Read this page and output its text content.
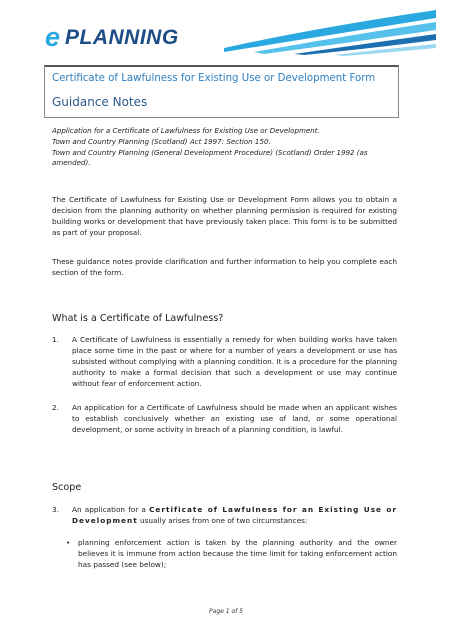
e PLANNING
Certificate of Lawfulness for Existing Use or Development Form
Guidance Notes
Application for a Certificate of Lawfulness for Existing Use or Development.
Town and Country Planning (Scotland) Act 1997: Section 150.
Town and Country Planning (General Development Procedure) (Scotland) Order 1992 (as amended).
The Certificate of Lawfulness for Existing Use or Development Form allows you to obtain a decision from the planning authority on whether planning permission is required for existing building works or development that have previously taken place. This form is to be submitted as part of your proposal.
These guidance notes provide clarification and further information to help you complete each section of the form.
What is a Certificate of Lawfulness?
1. A Certificate of Lawfulness is essentially a remedy for when building works have taken place some time in the past or where for a number of years a development or use has subsisted without complying with a planning condition. It is a procedure for the planning authority to make a formal decision that such a development or use may continue without fear of enforcement action.
2. An application for a Certificate of Lawfulness should be made when an applicant wishes to establish conclusively whether an existing use of land, or some operational development, or some activity in breach of a planning condition, is lawful.
Scope
3. An application for a Certificate of Lawfulness for an Existing Use or Development usually arises from one of two circumstances:
• planning enforcement action is taken by the planning authority and the owner believes it is immune from action because the time limit for taking enforcement action has passed (see below);
Page 1 of 5
